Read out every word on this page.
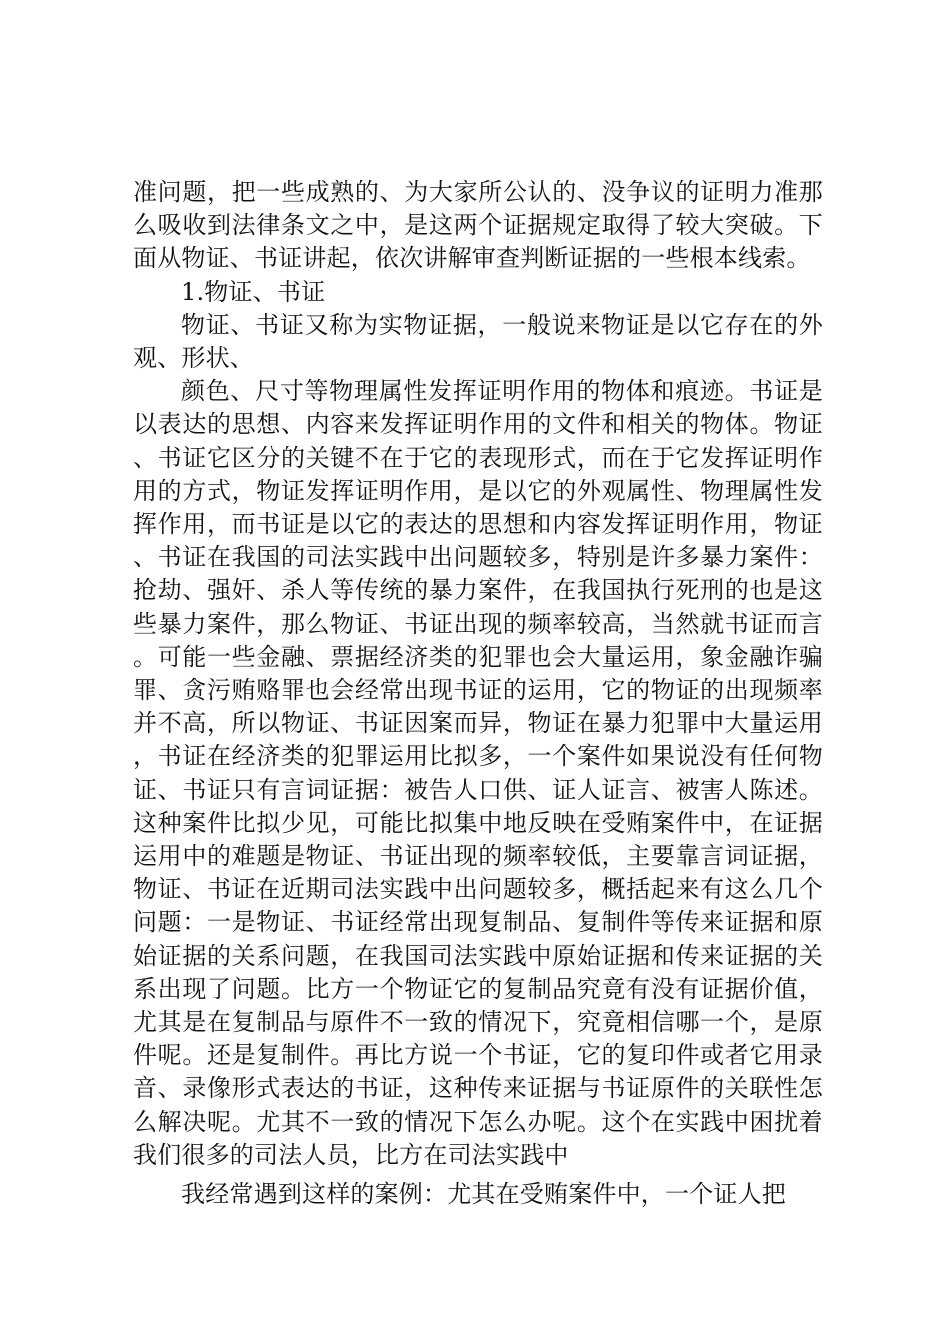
准问题，把一些成熟的、为大家所公认的、没争议的证明力准那么吸收到法律条文之中，是这两个证据规定取得了较大突破。下面从物证、书证讲起，依次讲解审查判断证据的一些根本线索。

1.物证、书证

物证、书证又称为实物证据，一般说来物证是以它存在的外观、形状、

颜色、尺寸等物理属性发挥证明作用的物体和痕迹。书证是以表达的思想、内容来发挥证明作用的文件和相关的物体。物证、书证它区分的关键不在于它的表现形式，而在于它发挥证明作用的方式，物证发挥证明作用，是以它的外观属性、物理属性发挥作用，而书证是以它的表达的思想和内容发挥证明作用，物证、书证在我国的司法实践中出问题较多，特别是许多暴力案件：抢劫、强奸、杀人等传统的暴力案件，在我国执行死刑的也是这些暴力案件，那么物证、书证出现的频率较高，当然就书证而言。可能一些金融、票据经济类的犯罪也会大量运用，象金融诈骗罪、贪污贿赂罪也会经常出现书证的运用，它的物证的出现频率并不高，所以物证、书证因案而异，物证在暴力犯罪中大量运用，书证在经济类的犯罪运用比拟多，一个案件如果说没有任何物证、书证只有言词证据：被告人口供、证人证言、被害人陈述。这种案件比拟少见，可能比拟集中地反映在受贿案件中，在证据运用中的难题是物证、书证出现的频率较低，主要靠言词证据，物证、书证在近期司法实践中出问题较多，概括起来有这么几个问题：一是物证、书证经常出现复制品、复制件等传来证据和原始证据的关系问题，在我国司法实践中原始证据和传来证据的关系出现了问题。比方一个物证它的复制品究竟有没有证据价值，尤其是在复制品与原件不一致的情况下，究竟相信哪一个，是原件呢。还是复制件。再比方说一个书证，它的复印件或者它用录音、录像形式表达的书证，这种传来证据与书证原件的关联性怎么解决呢。尤其不一致的情况下怎么办呢。这个在实践中困扰着我们很多的司法人员，比方在司法实践中

我经常遇到这样的案例：尤其在受贿案件中，一个证人把
